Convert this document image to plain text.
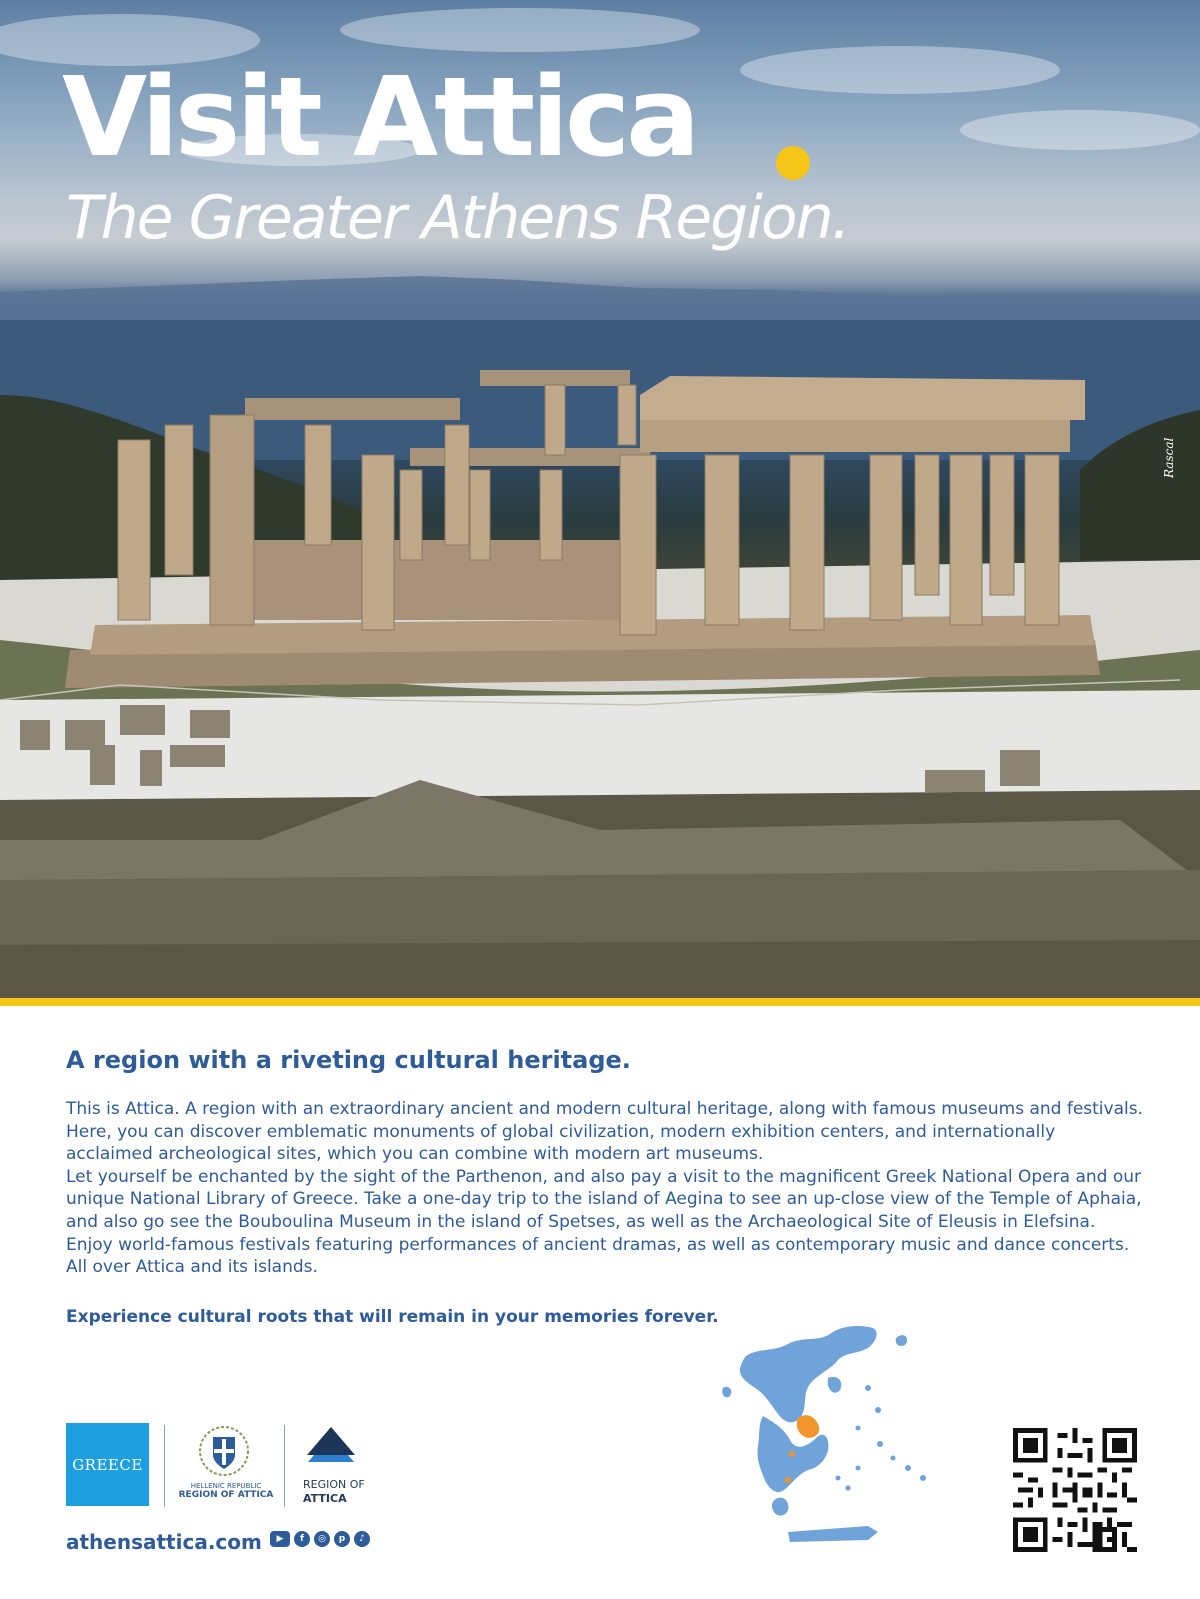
Visit Attica
The Greater Athens Region.
Rascal
A region with a riveting cultural heritage.

This is Attica. A region with an extraordinary ancient and modern cultural heritage, along with famous museums and festivals. Here, you can discover emblematic monuments of global civilization, modern exhibition centers, and internationally acclaimed archeological sites, which you can combine with modern art museums.

Let yourself be enchanted by the sight of the Parthenon, and also pay a visit to the magnificent Greek National Opera and our unique National Library of Greece. Take a one-day trip to the island of Aegina to see an up-close view of the Temple of Aphaia, and also go see the Bouboulina Museum in the island of Spetses, as well as the Archaeological Site of Eleusis in Elefsina. Enjoy world-famous festivals featuring performances of ancient dramas, as well as contemporary music and dance concerts. All over Attica and its islands.

Experience cultural roots that will remain in your memories forever.
GREECE
HELLENIC REPUBLIC
REGION OF ATTICA
REGION OF
ATTICA
athensattica.com	▶	f	◎	p	♪
